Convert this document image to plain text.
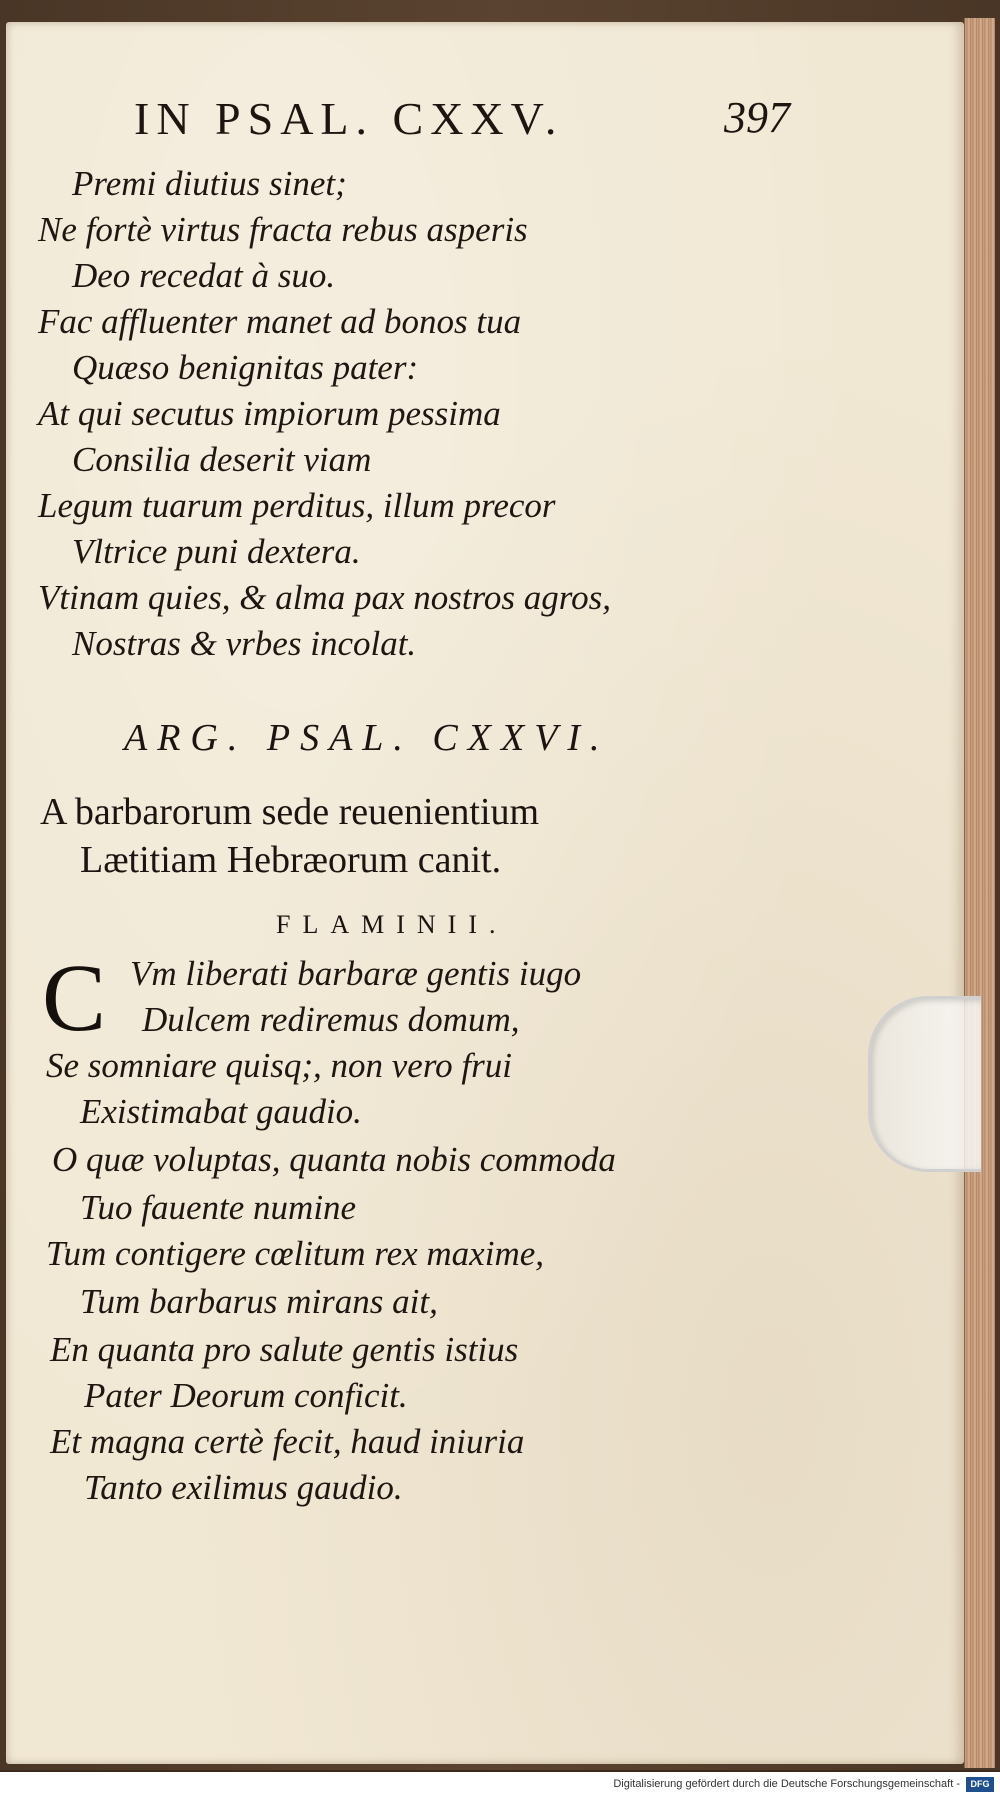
IN PSAL. CXXV.	397
Premi diutius sinet;
Ne fortè virtus fracta rebus asperis
Deo recedat à suo.
Fac affluenter manet ad bonos tua
Quæso benignitas pater:
At qui secutus impiorum pessima
Consilia deserit viam
Legum tuarum perditus, illum precor
Vltrice puni dextera.
Vtinam quies, & alma pax nostros agros,
Nostras & vrbes incolat.
ARG. PSAL. CXXVI.
A barbarorum sede reuenientium
Lætitiam Hebræorum canit.
FLAMINII.
C Vm liberati barbaræ gentis iugo
Dulcem rediremus domum,
Se somniare quisq;, non vero frui
Existimabat gaudio.
O quæ voluptas, quanta nobis commoda
Tuo fauente numine
Tum contigere cœlitum rex maxime,
Tum barbarus mirans ait,
En quanta pro salute gentis istius
Pater Deorum conficit.
Et magna certè fecit, haud iniuria
Tanto exilimus gaudio.
Digitalisierung gefördert durch die Deutsche Forschungsgemeinschaft -	DFG
